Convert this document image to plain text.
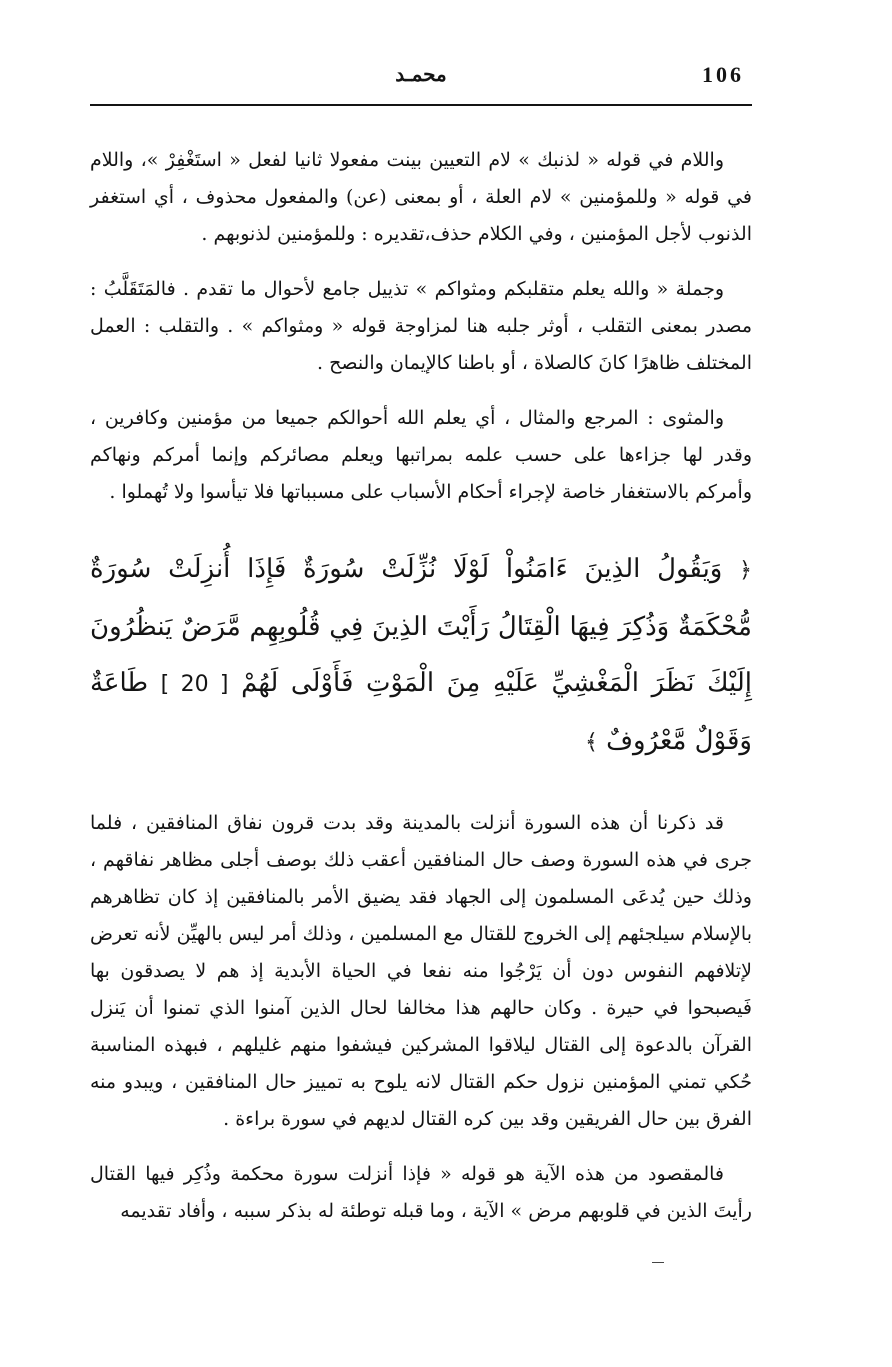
106
محمـد

واللام في قوله « لذنبك » لام التعيين بينت مفعولا ثانيا لفعل « استَغْفِرْ »، واللام في قوله « وللمؤمنين » لام العلة ، أو بمعنى (عن) والمفعول محذوف ، أي استغفر الذنوب لأجل المؤمنين ، وفي الكلام حذف،تقديره : وللمؤمنين لذنوبهم .

وجملة « والله يعلم متقلبكم ومثواكم » تذييل جامع لأحوال ما تقدم . فالمَتَقَلَّبُ : مصدر بمعنى التقلب ، أوثر جلبه هنا لمزاوجة قوله « ومثواكم » . والتقلب : العمل المختلف ظاهرًا كانَ كالصلاة ، أو باطنا كالإيمان والنصح .

والمثوى : المرجع والمثال ، أي يعلم الله أحوالكم جميعا من مؤمنين وكافرين ، وقدر لها جزاءها على حسب علمه بمراتبها ويعلم مصائركم وإنما أمركم ونهاكم وأمركم بالاستغفار خاصة لإجراء أحكام الأسباب على مسبباتها فلا تيأسوا ولا تُهملوا .

﴿ وَيَقُولُ الذِينَ ءَامَنُواْ لَوْلَا نُزِّلَتْ سُورَةٌ فَإِذَا أُنزِلَتْ سُورَةٌ مُّحْكَمَةٌ وَذُكِرَ فِيهَا الْقِتَالُ رَأَيْتَ الذِينَ فِي قُلُوبِهِم مَّرَضٌ يَنظُرُونَ إِلَيْكَ نَظَرَ الْمَغْشِيِّ عَلَيْهِ مِنَ الْمَوْتِ فَأَوْلَى لَهُمْ [ 20 ] طَاعَةٌ وَقَوْلٌ مَّعْرُوفٌ ﴾

قد ذكرنا أن هذه السورة أنزلت بالمدينة وقد بدت قرون نفاق المنافقين ، فلما جرى في هذه السورة وصف حال المنافقين أعقب ذلك بوصف أجلى مظاهر نفاقهم ، وذلك حين يُدعَى المسلمون إلى الجهاد فقد يضيق الأمر بالمنافقين إذ كان تظاهرهم بالإسلام سيلجئهم إلى الخروج للقتال مع المسلمين ، وذلك أمر ليس بالهيِّن لأنه تعرض لإتلافهم النفوس دون أن يَرْجُوا منه نفعا في الحياة الأبدية إذ هم لا يصدقون بها فَيصبحوا في حيرة . وكان حالهم هذا مخالفا لحال الذين آمنوا الذي تمنوا أن يَنزل القرآن بالدعوة إلى القتال ليلاقوا المشركين فيشفوا منهم غليلهم ، فبهذه المناسبة حُكي تمني المؤمنين نزول حكم القتال لانه يلوح به تمييز حال المنافقين ، ويبدو منه الفرق بين حال الفريقين وقد بين كره القتال لديهم في سورة براءة .

فالمقصود من هذه الآية هو قوله « فإذا أنزلت سورة محكمة وذُكِر فيها القتال رأيتَ الذين في قلوبهم مرض » الآية ، وما قبله توطئة له بذكر سببه ، وأفاد تقديمه
